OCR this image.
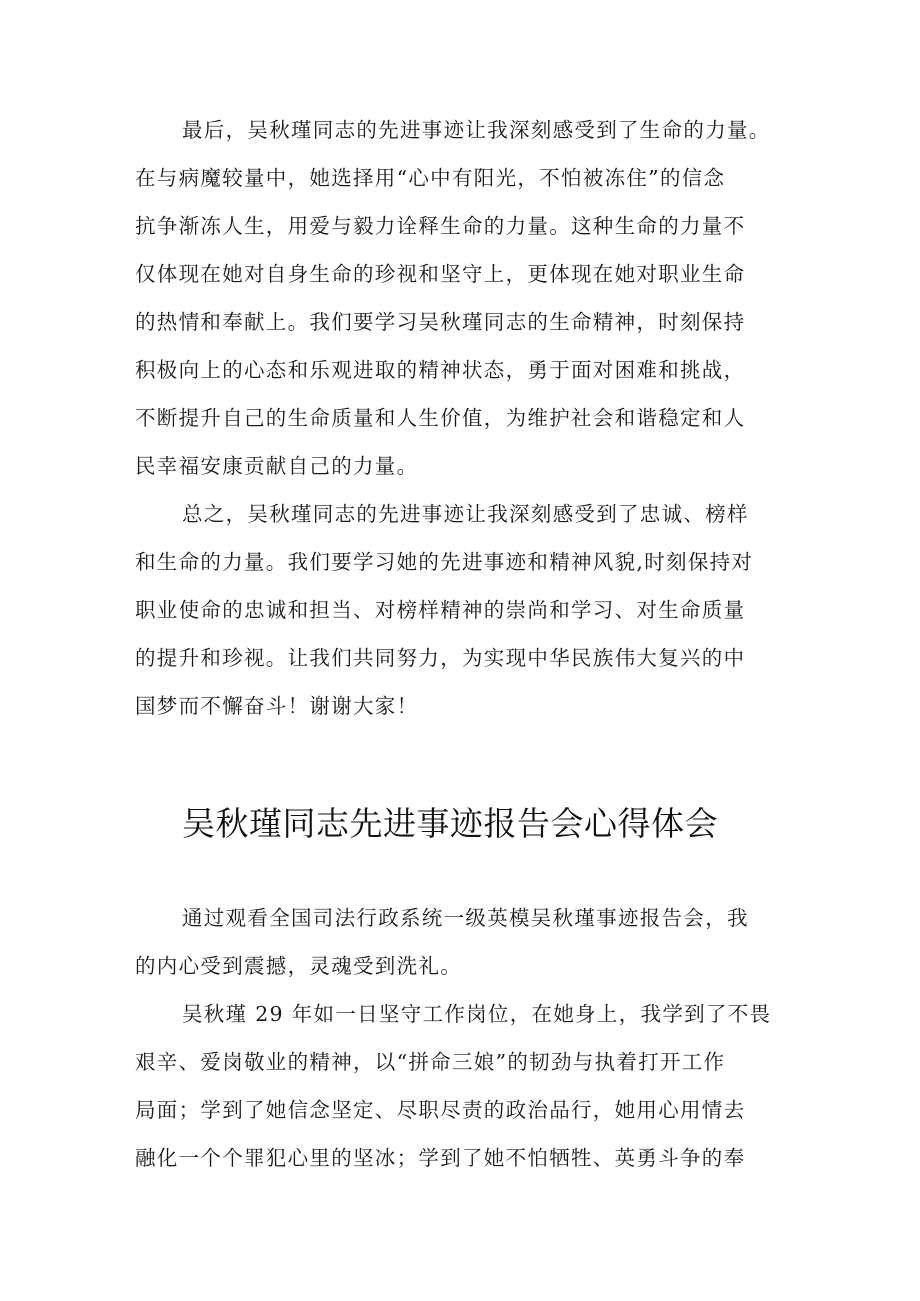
最后，吴秋瑾同志的先进事迹让我深刻感受到了生命的力量。
在与病魔较量中，她选择用“心中有阳光，不怕被冻住”的信念
抗争渐冻人生，用爱与毅力诠释生命的力量。这种生命的力量不
仅体现在她对自身生命的珍视和坚守上，更体现在她对职业生命
的热情和奉献上。我们要学习吴秋瑾同志的生命精神，时刻保持
积极向上的心态和乐观进取的精神状态，勇于面对困难和挑战，
不断提升自己的生命质量和人生价值，为维护社会和谐稳定和人
民幸福安康贡献自己的力量。
总之，吴秋瑾同志的先进事迹让我深刻感受到了忠诚、榜样
和生命的力量。我们要学习她的先进事迹和精神风貌,时刻保持对
职业使命的忠诚和担当、对榜样精神的崇尚和学习、对生命质量
的提升和珍视。让我们共同努力，为实现中华民族伟大复兴的中
国梦而不懈奋斗！谢谢大家！
吴秋瑾同志先进事迹报告会心得体会
通过观看全国司法行政系统一级英模吴秋瑾事迹报告会，我
的内心受到震撼，灵魂受到洗礼。
吴秋瑾 29 年如一日坚守工作岗位，在她身上，我学到了不畏
艰辛、爱岗敬业的精神，以“拼命三娘”的韧劲与执着打开工作
局面；学到了她信念坚定、尽职尽责的政治品行，她用心用情去
融化一个个罪犯心里的坚冰；学到了她不怕牺牲、英勇斗争的奉
